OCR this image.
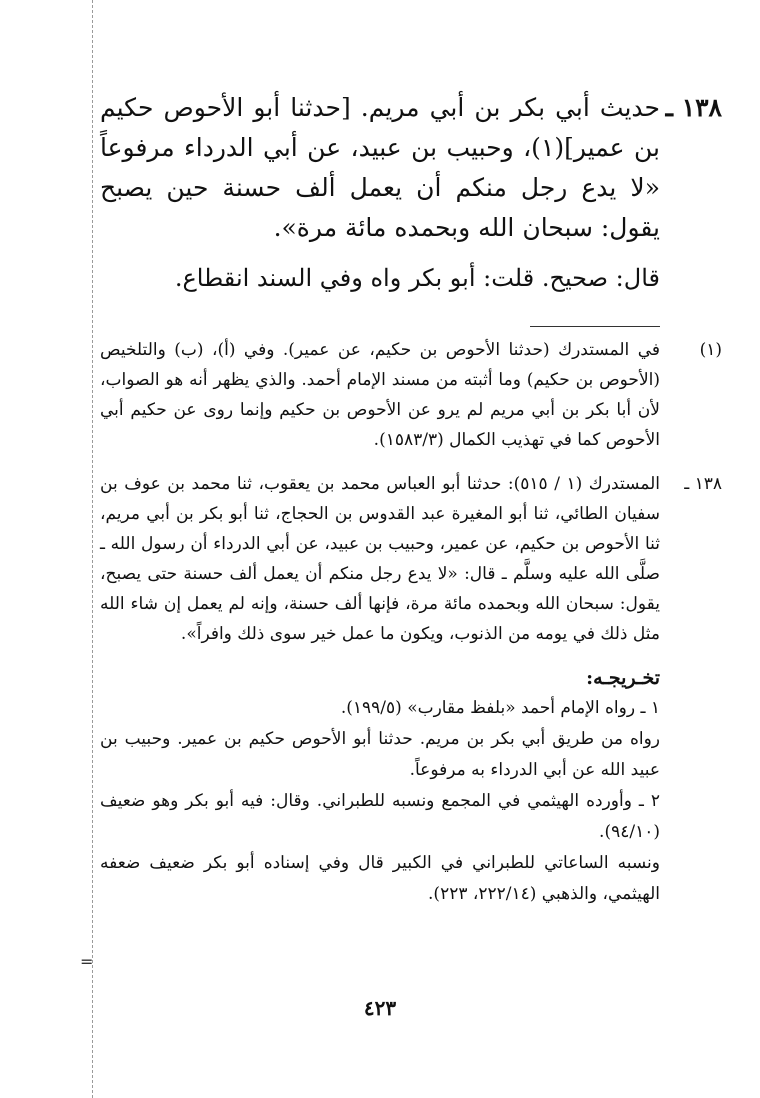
=
١٣٨ ـ
حديث أبي بكر بن أبي مريم. [حدثنا أبو الأحوص حكيم بن عمير](١)، وحبيب بن عبيد، عن أبي الدرداء مرفوعاً «لا يدع رجل منكم أن يعمل ألف حسنة حين يصبح يقول: سبحان الله وبحمده مائة مرة».
قال: صحيح. قلت: أبو بكر واه وفي السند انقطاع.
(١)
في المستدرك (حدثنا الأحوص بن حكيم، عن عمير). وفي (أ)، (ب) والتلخيص (الأحوص بن حكيم) وما أثبته من مسند الإمام أحمد. والذي يظهر أنه هو الصواب، لأن أبا بكر بن أبي مريم لم يرو عن الأحوص بن حكيم وإنما روى عن حكيم أبي الأحوص كما في تهذيب الكمال (١٥٨٣/٣).
١٣٨ ـ
المستدرك (١ / ٥١٥): حدثنا أبو العباس محمد بن يعقوب، ثنا محمد بن عوف بن سفيان الطائي، ثنا أبو المغيرة عبد القدوس بن الحجاج، ثنا أبو بكر بن أبي مريم، ثنا الأحوص بن حكيم، عن عمير، وحبيب بن عبيد، عن أبي الدرداء أن رسول الله ـ صلَّى الله عليه وسلَّم ـ قال: «لا يدع رجل منكم أن يعمل ألف حسنة حتى يصبح، يقول: سبحان الله وبحمده مائة مرة، فإنها ألف حسنة، وإنه لم يعمل إن شاء الله مثل ذلك في يومه من الذنوب، ويكون ما عمل خير سوى ذلك وافراً».
تخـريجـه:
١ ـ رواه الإمام أحمد «بلفظ مقارب» (١٩٩/٥).
رواه من طريق أبي بكر بن مريم. حدثنا أبو الأحوص حكيم بن عمير. وحبيب بن عبيد الله عن أبي الدرداء به مرفوعاً.
٢ ـ وأورده الهيثمي في المجمع ونسبه للطبراني. وقال: فيه أبو بكر وهو ضعيف (٩٤/١٠).
ونسبه الساعاتي للطبراني في الكبير قال وفي إسناده أبو بكر ضعيف ضعفه الهيثمي، والذهبي (٢٢٢/١٤، ٢٢٣).
٤٢٣
